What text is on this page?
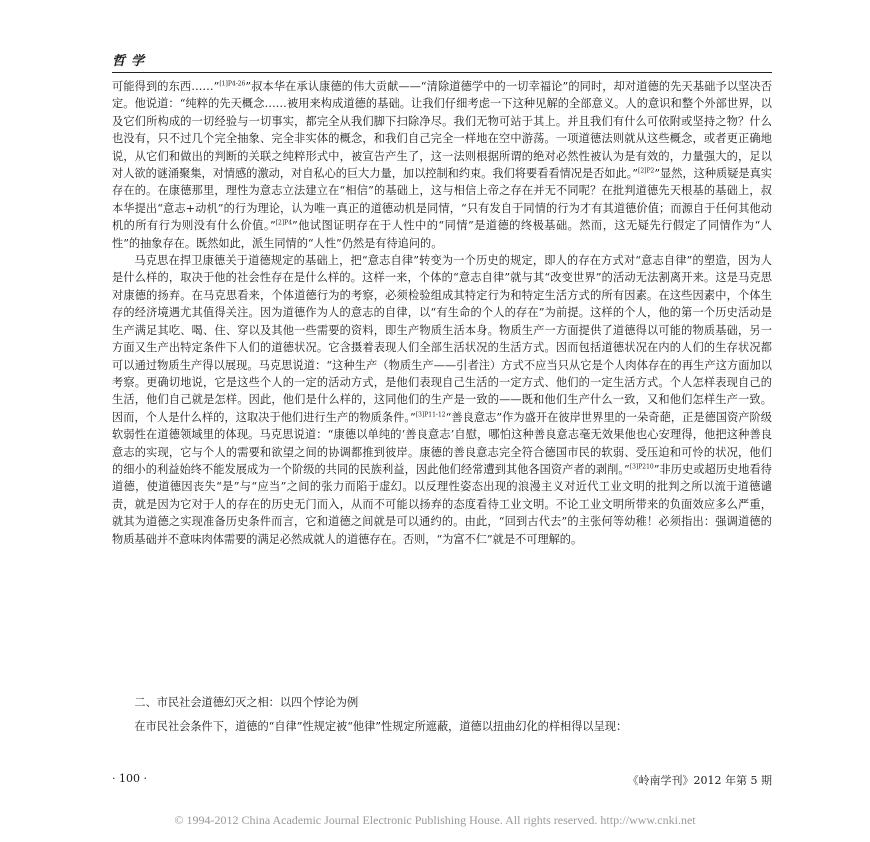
哲学

可能得到的东西……”$^{[1]P4-26}$”叔本华在承认康德的伟大贡献——“清除道德学中的一切幸福论”的同时，却对道德的先天基础予以坚决否定。他说道：“纯粹的先天概念……被用来构成道德的基础。让我们仔细考虑一下这种见解的全部意义。人的意识和整个外部世界，以及它们所构成的一切经验与一切事实，都完全从我们脚下扫除净尽。我们无物可站于其上。并且我们有什么可依附或坚持之物？什么也没有，只不过几个完全抽象、完全非实体的概念，和我们自己完全一样地在空中游荡。一项道德法则就从这些概念，或者更正确地说，从它们和做出的判断的关联之纯粹形式中，被宣告产生了，这一法则根据所谓的绝对必然性被认为是有效的，力量强大的，足以对人欲的谜涌聚集，对情感的激动，对自私心的巨大力量，加以控制和约束。我们将要看看情况是否如此。”$^{[2]P2}$”显然，这种质疑是真实存在的。在康德那里，理性为意志立法建立在“相信”的基础上，这与相信上帝之存在并无不同呢？在批判道德先天根基的基础上，叔本华提出“意志+动机”的行为理论，认为唯一真正的道德动机是同情，“只有发自于同情的行为才有其道德价值；而源自于任何其他动机的所有行为则没有什么价值。”$^{[2]P4}$”他试图证明存在于人性中的“同情”是道德的终极基础。然而，这无疑先行假定了同情作为“人性”的抽象存在。既然如此，派生同情的“人性”仍然是有待追问的。

马克思在捍卫康德关于道德规定的基础上，把“意志自律”转变为一个历史的规定，即人的存在方式对“意志自律”的塑造，因为人是什么样的，取决于他的社会性存在是什么样的。这样一来，个体的“意志自律”就与其“改变世界”的活动无法割离开来。这是马克思对康德的扬弃。在马克思看来，个体道德行为的考察，必须检验组成其特定行为和特定生活方式的所有因素。在这些因素中，个体生存的经济境遇尤其值得关注。因为道德作为人的意志的自律，以“有生命的个人的存在”为前提。这样的个人，他的第一个历史活动是生产满足其吃、喝、住、穿以及其他一些需要的资料，即生产物质生活本身。物质生产一方面提供了道德得以可能的物质基础，另一方面又生产出特定条件下人们的道德状况。它含摄着表现人们全部生活状况的生活方式。因而包括道德状况在内的人们的生存状况都可以通过物质生产得以展现。马克思说道：“这种生产（物质生产——引者注）方式不应当只从它是个人肉体存在的再生产这方面加以考察。更确切地说，它是这些个人的一定的活动方式，是他们表现自己生活的一定方式、他们的一定生活方式。个人怎样表现自己的生活，他们自己就是怎样。因此，他们是什么样的，这同他们的生产是一致的——既和他们生产什么一致，又和他们怎样生产一致。因而，个人是什么样的，这取决于他们进行生产的物质条件。”$^{[3]P11-12}$“善良意志”作为盛开在彼岸世界里的一朵奇葩，正是德国资产阶级软弱性在道德领域里的体现。马克思说道：“康德以单纯的‘善良意志’自慰，哪怕这种善良意志毫无效果他也心安理得，他把这种善良意志的实现，它与个人的需要和欲望之间的协调都推到彼岸。康德的善良意志完全符合德国市民的软弱、受压迫和可怜的状况，他们的细小的利益始终不能发展成为一个阶级的共同的民族利益，因此他们经常遭到其他各国资产者的剥削。”$^{[3]P210}$”非历史或超历史地看待道德，使道德因丧失“是”与“应当”之间的张力而陷于虚幻。以反理性姿态出现的浪漫主义对近代工业文明的批判之所以流于道德谴责，就是因为它对于人的存在的历史无门而入，从而不可能以扬弃的态度看待工业文明。不论工业文明所带来的负面效应多么严重，就其为道德之实现准备历史条件而言，它和道德之间就是可以通约的。由此，“回到古代去”的主张何等幼稚！必须指出：强调道德的物质基础并不意味肉体需要的满足必然成就人的道德存在。否则，“为富不仁”就是不可理解的。

二、市民社会道德幻灭之相：以四个悖论为例
在市民社会条件下，道德的“自律”性规定被“他律”性规定所遮蔽，道德以扭曲幻化的样相得以呈现：
· 100 ·	《岭南学刊》2012 年第 5 期
© 1994-2012 China Academic Journal Electronic Publishing House. All rights reserved. http://www.cnki.net
